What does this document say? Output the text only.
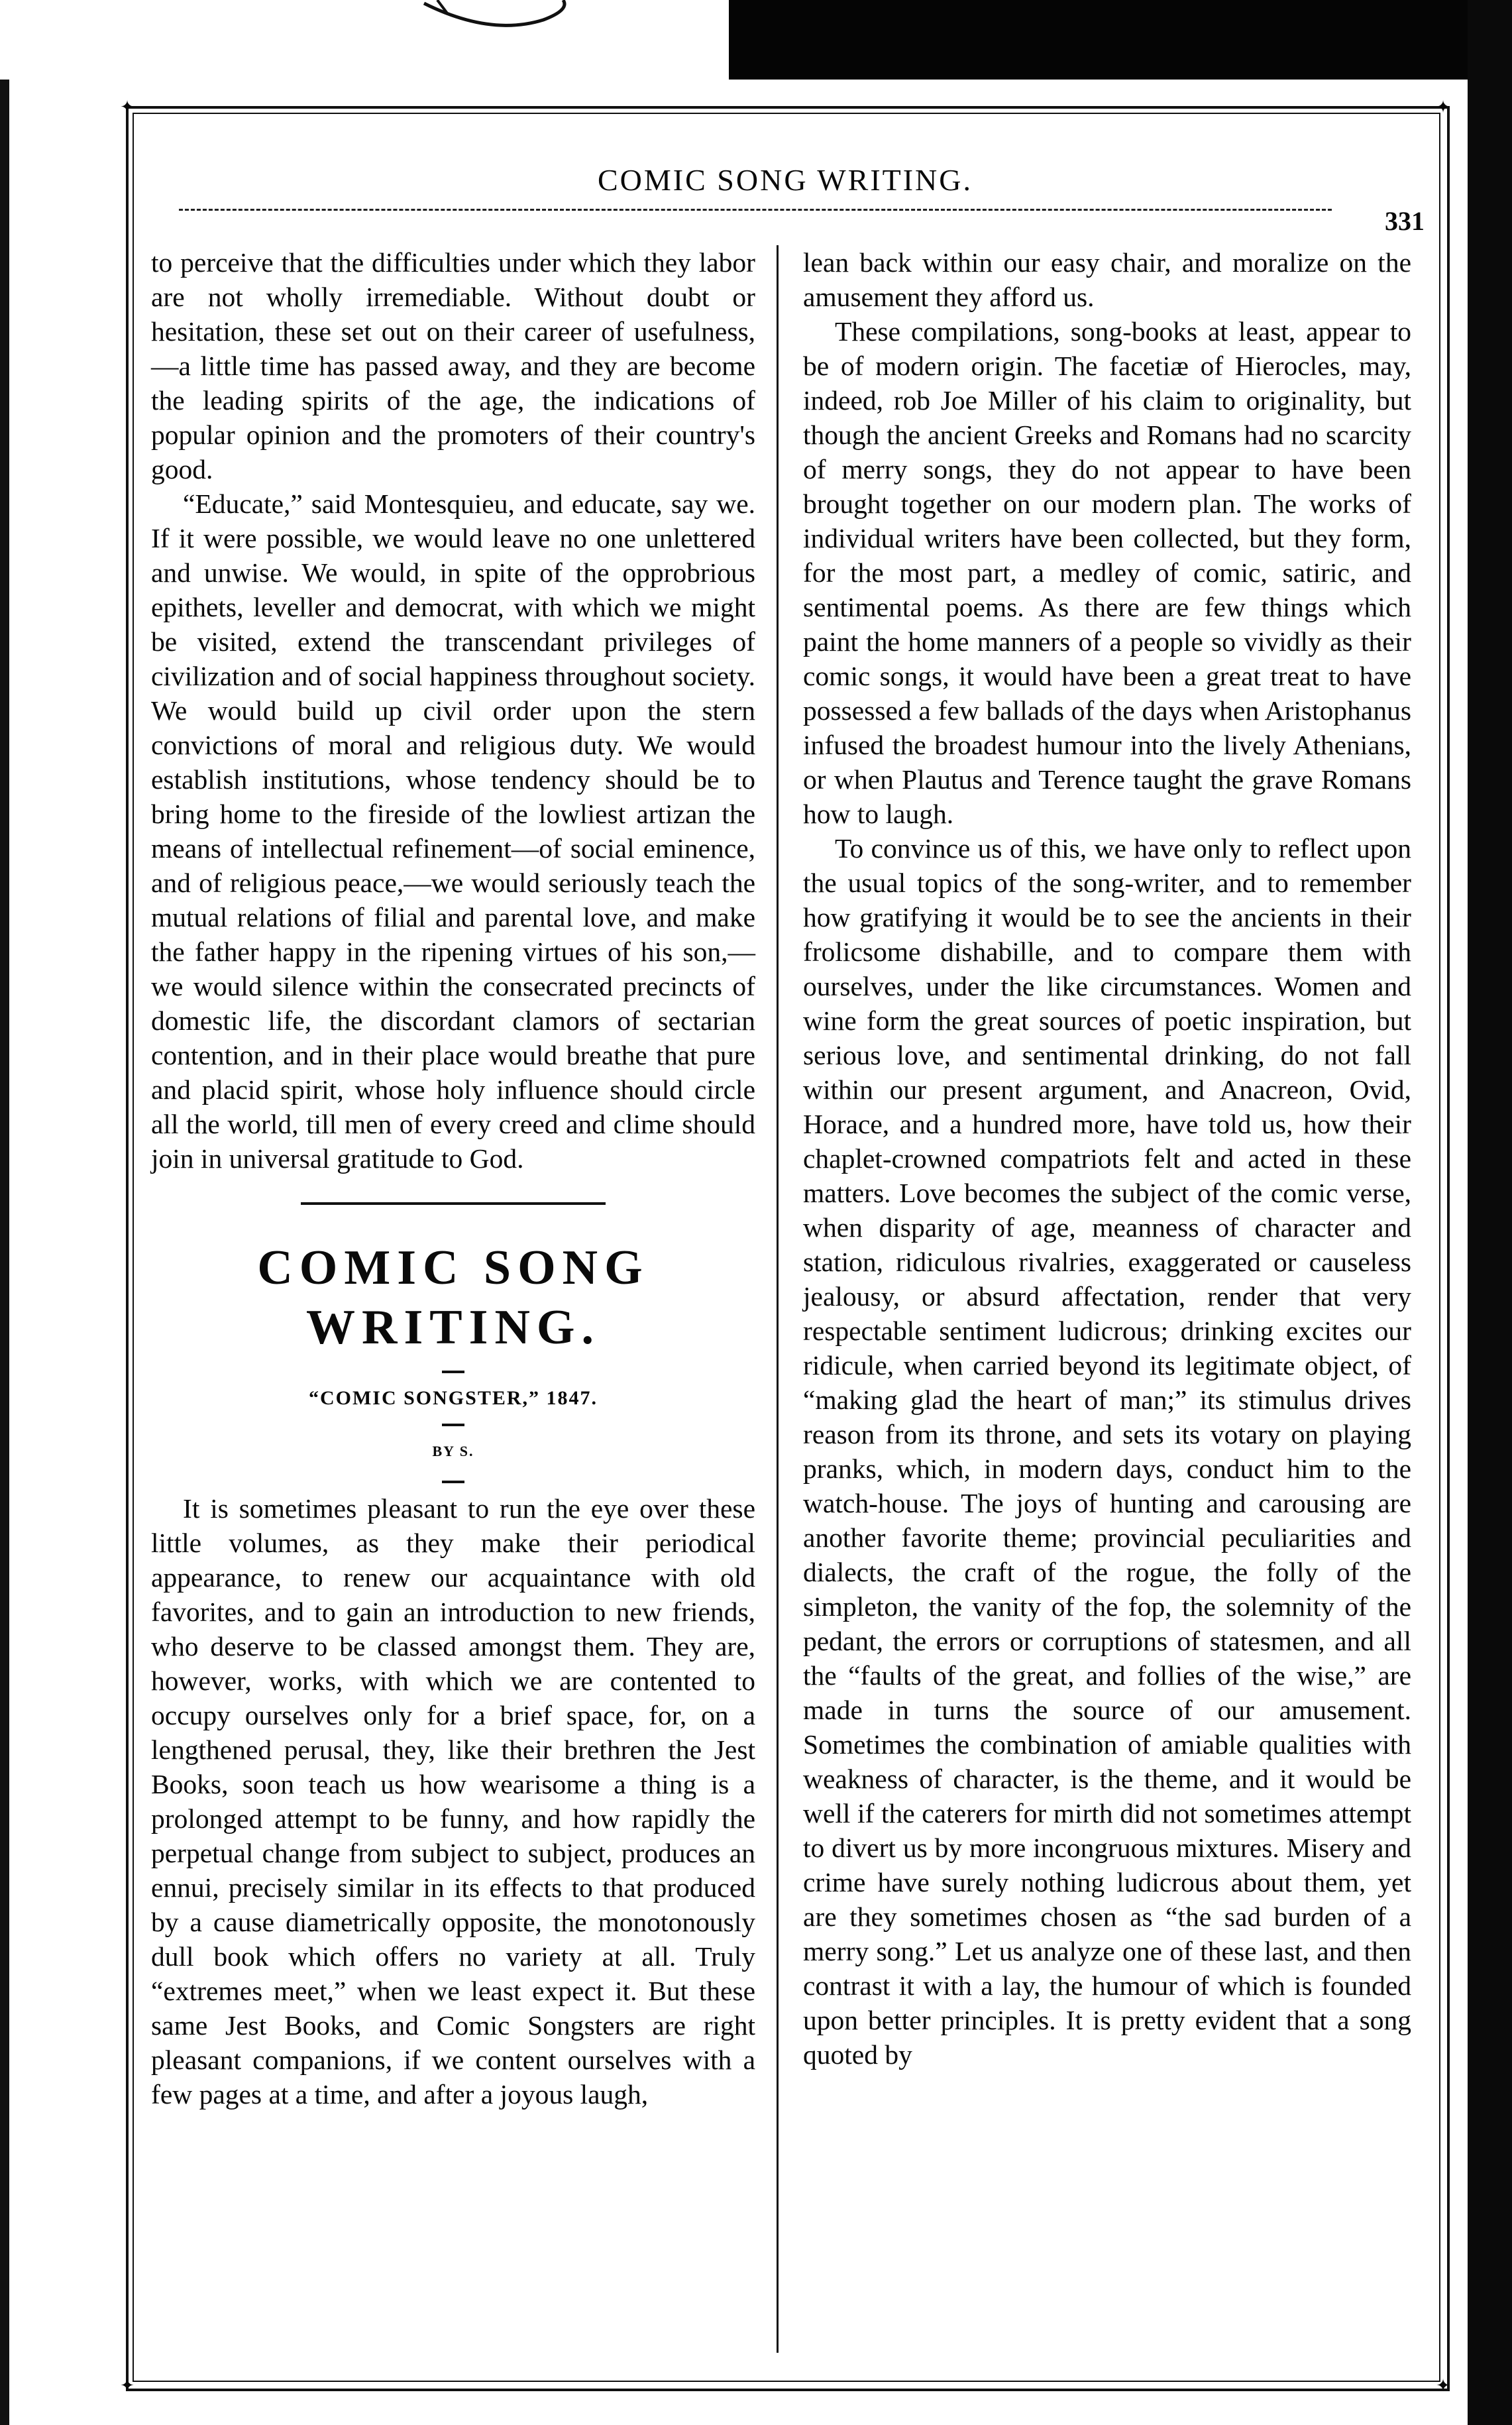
✦	✦
✦	✦
COMIC SONG WRITING.
331

to perceive that the difficulties under which they labor are not wholly irremediable. Without doubt or hesitation, these set out on their career of usefulness,—a little time has passed away, and they are become the leading spirits of the age, the indications of popular opinion and the promoters of their country's good.

“Educate,” said Montesquieu, and educate, say we. If it were possible, we would leave no one unlettered and unwise. We would, in spite of the opprobrious epithets, leveller and democrat, with which we might be visited, extend the transcendant privileges of civilization and of social happiness throughout society. We would build up civil order upon the stern convictions of moral and religious duty. We would establish institutions, whose tendency should be to bring home to the fireside of the lowliest artizan the means of intellectual refinement—of social eminence, and of religious peace,—we would seriously teach the mutual relations of filial and parental love, and make the father happy in the ripening virtues of his son,—we would silence within the consecrated precincts of domestic life, the discordant clamors of sectarian contention, and in their place would breathe that pure and placid spirit, whose holy influence should circle all the world, till men of every creed and clime should join in universal gratitude to God.

COMIC SONG WRITING.
“COMIC SONGSTER,” 1847.
BY S.

It is sometimes pleasant to run the eye over these little volumes, as they make their periodical appearance, to renew our acquaintance with old favorites, and to gain an introduction to new friends, who deserve to be classed amongst them. They are, however, works, with which we are contented to occupy ourselves only for a brief space, for, on a lengthened perusal, they, like their brethren the Jest Books, soon teach us how wearisome a thing is a prolonged attempt to be funny, and how rapidly the perpetual change from subject to subject, produces an ennui, precisely similar in its effects to that produced by a cause diametrically opposite, the monotonously dull book which offers no variety at all. Truly “extremes meet,” when we least expect it. But these same Jest Books, and Comic Songsters are right pleasant companions, if we content ourselves with a few pages at a time, and after a joyous laugh,

lean back within our easy chair, and moralize on the amusement they afford us.

These compilations, song-books at least, appear to be of modern origin. The facetiæ of Hierocles, may, indeed, rob Joe Miller of his claim to originality, but though the ancient Greeks and Romans had no scarcity of merry songs, they do not appear to have been brought together on our modern plan. The works of individual writers have been collected, but they form, for the most part, a medley of comic, satiric, and sentimental poems. As there are few things which paint the home manners of a people so vividly as their comic songs, it would have been a great treat to have possessed a few ballads of the days when Aristophanus infused the broadest humour into the lively Athenians, or when Plautus and Terence taught the grave Romans how to laugh.

To convince us of this, we have only to reflect upon the usual topics of the song-writer, and to remember how gratifying it would be to see the ancients in their frolicsome dishabille, and to compare them with ourselves, under the like circumstances. Women and wine form the great sources of poetic inspiration, but serious love, and sentimental drinking, do not fall within our present argument, and Anacreon, Ovid, Horace, and a hundred more, have told us, how their chaplet-crowned compatriots felt and acted in these matters. Love becomes the subject of the comic verse, when disparity of age, meanness of character and station, ridiculous rivalries, exaggerated or causeless jealousy, or absurd affectation, render that very respectable sentiment ludicrous; drinking excites our ridicule, when carried beyond its legitimate object, of “making glad the heart of man;” its stimulus drives reason from its throne, and sets its votary on playing pranks, which, in modern days, conduct him to the watch-house. The joys of hunting and carousing are another favorite theme; provincial peculiarities and dialects, the craft of the rogue, the folly of the simpleton, the vanity of the fop, the solemnity of the pedant, the errors or corruptions of statesmen, and all the “faults of the great, and follies of the wise,” are made in turns the source of our amusement. Sometimes the combination of amiable qualities with weakness of character, is the theme, and it would be well if the caterers for mirth did not sometimes attempt to divert us by more incongruous mixtures. Misery and crime have surely nothing ludicrous about them, yet are they sometimes chosen as “the sad burden of a merry song.” Let us analyze one of these last, and then contrast it with a lay, the humour of which is founded upon better principles. It is pretty evident that a song quoted by
